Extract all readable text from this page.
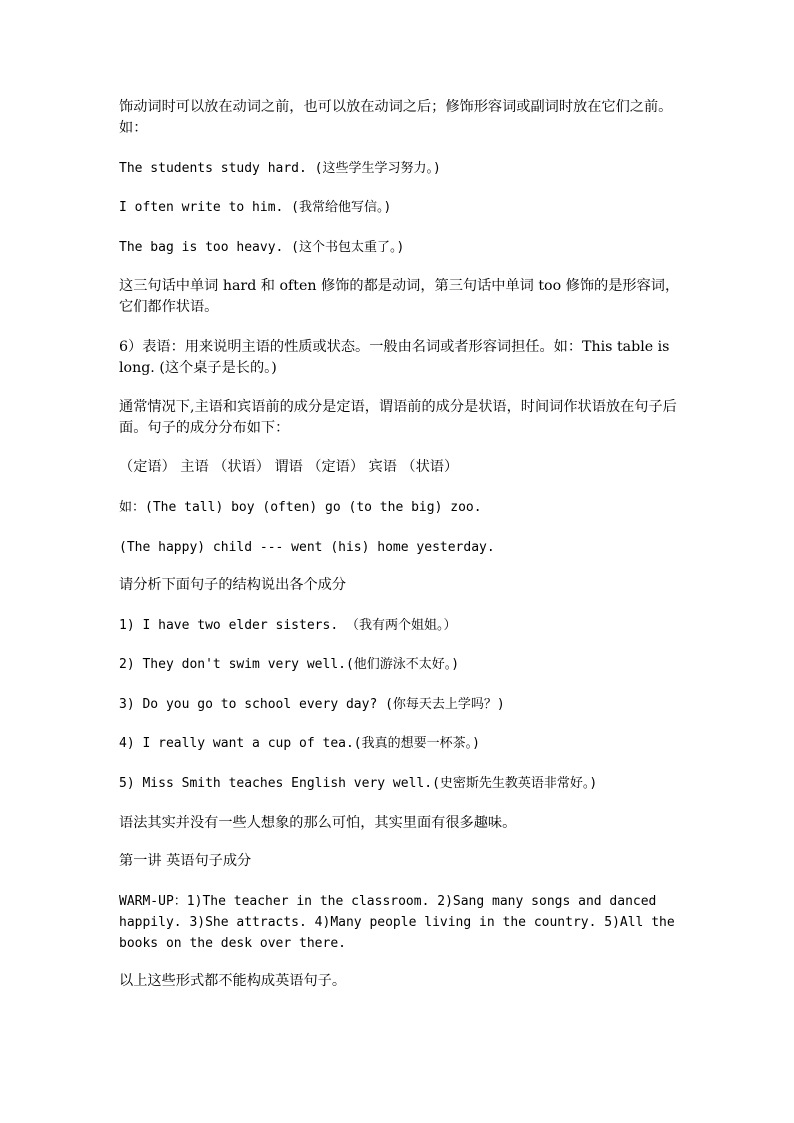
饰动词时可以放在动词之前，也可以放在动词之后；修饰形容词或副词时放在它们之前。如：

The students study hard. (这些学生学习努力。)

I often write to him. (我常给他写信。)

The bag is too heavy. (这个书包太重了。)

这三句话中单词 hard 和 often 修饰的都是动词，第三句话中单词 too 修饰的是形容词，它们都作状语。

6）表语：用来说明主语的性质或状态。一般由名词或者形容词担任。如：This table is long. (这个桌子是长的。)

通常情况下,主语和宾语前的成分是定语，谓语前的成分是状语，时间词作状语放在句子后面。句子的成分分布如下：

（定语） 主语 （状语） 谓语 （定语） 宾语 （状语）

如：(The tall) boy (often) go (to the big) zoo.

(The happy) child --- went (his) home yesterday.

请分析下面句子的结构说出各个成分

1) I have two elder sisters. （我有两个姐姐。）

2) They don't swim very well.(他们游泳不太好。)

3) Do you go to school every day? (你每天去上学吗？)

4) I really want a cup of tea.(我真的想要一杯茶。)

5) Miss Smith teaches English very well.(史密斯先生教英语非常好。)

语法其实并没有一些人想象的那么可怕，其实里面有很多趣味。

第一讲 英语句子成分

WARM-UP：1)The teacher in the classroom. 2)Sang many songs and danced happily. 3)She attracts. 4)Many people living in the country. 5)All the books on the desk over there.

以上这些形式都不能构成英语句子。
